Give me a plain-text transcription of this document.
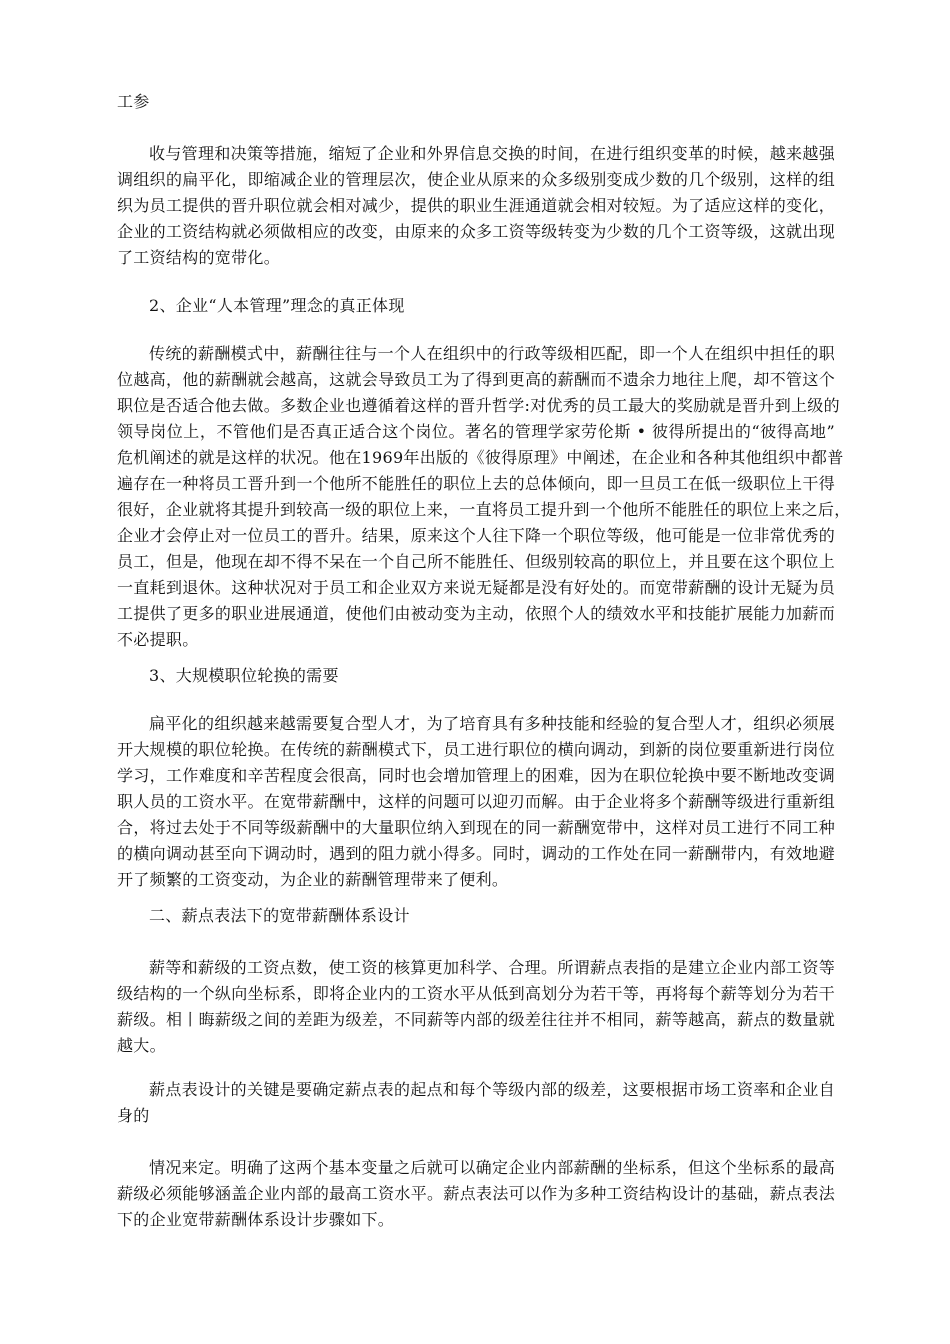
工参
收与管理和决策等措施，缩短了企业和外界信息交换的时间，在进行组织变革的时候，越来越强
调组织的扁平化，即缩减企业的管理层次，使企业从原来的众多级别变成少数的几个级别，这样的组
织为员工提供的晋升职位就会相对减少，提供的职业生涯通道就会相对较短。为了适应这样的变化，
企业的工资结构就必须做相应的改变，由原来的众多工资等级转变为少数的几个工资等级，这就出现
了工资结构的宽带化。
2、企业“人本管理”理念的真正体现
传统的薪酬模式中，薪酬往往与一个人在组织中的行政等级相匹配，即一个人在组织中担任的职
位越高，他的薪酬就会越高，这就会导致员工为了得到更高的薪酬而不遗余力地往上爬，却不管这个
职位是否适合他去做。多数企业也遵循着这样的晋升哲学:对优秀的员工最大的奖励就是晋升到上级的
领导岗位上，不管他们是否真正适合这个岗位。著名的管理学家劳伦斯 • 彼得所提出的“彼得高地”
危机阐述的就是这样的状况。他在1969年出版的《彼得原理》中阐述，在企业和各种其他组织中都普
遍存在一种将员工晋升到一个他所不能胜任的职位上去的总体倾向，即一旦员工在低一级职位上干得
很好，企业就将其提升到较高一级的职位上来，一直将员工提升到一个他所不能胜任的职位上来之后，
企业才会停止对一位员工的晋升。结果，原来这个人往下降一个职位等级，他可能是一位非常优秀的
员工，但是，他现在却不得不呆在一个自己所不能胜任、但级别较高的职位上，并且要在这个职位上
一直耗到退休。这种状况对于员工和企业双方来说无疑都是没有好处的。而宽带薪酬的设计无疑为员
工提供了更多的职业进展通道，使他们由被动变为主动，依照个人的绩效水平和技能扩展能力加薪而
不必提职。
3、大规模职位轮换的需要
扁平化的组织越来越需要复合型人才，为了培育具有多种技能和经验的复合型人才，组织必须展
开大规模的职位轮换。在传统的薪酬模式下，员工进行职位的横向调动，到新的岗位要重新进行岗位
学习，工作难度和辛苦程度会很高，同时也会增加管理上的困难，因为在职位轮换中要不断地改变调
职人员的工资水平。在宽带薪酬中，这样的问题可以迎刃而解。由于企业将多个薪酬等级进行重新组
合，将过去处于不同等级薪酬中的大量职位纳入到现在的同一薪酬宽带中，这样对员工进行不同工种
的横向调动甚至向下调动时，遇到的阻力就小得多。同时，调动的工作处在同一薪酬带内，有效地避
开了频繁的工资变动，为企业的薪酬管理带来了便利。
二、薪点表法下的宽带薪酬体系设计
薪等和薪级的工资点数，使工资的核算更加科学、合理。所谓薪点表指的是建立企业内部工资等
级结构的一个纵向坐标系，即将企业内的工资水平从低到高划分为若干等，再将每个薪等划分为若干
薪级。相丨晦薪级之间的差距为级差，不同薪等内部的级差往往并不相同，薪等越高，薪点的数量就
越大。
薪点表设计的关键是要确定薪点表的起点和每个等级内部的级差，这要根据市场工资率和企业自
身的
情况来定。明确了这两个基本变量之后就可以确定企业内部薪酬的坐标系，但这个坐标系的最高
薪级必须能够涵盖企业内部的最高工资水平。薪点表法可以作为多种工资结构设计的基础，薪点表法
下的企业宽带薪酬体系设计步骤如下。
